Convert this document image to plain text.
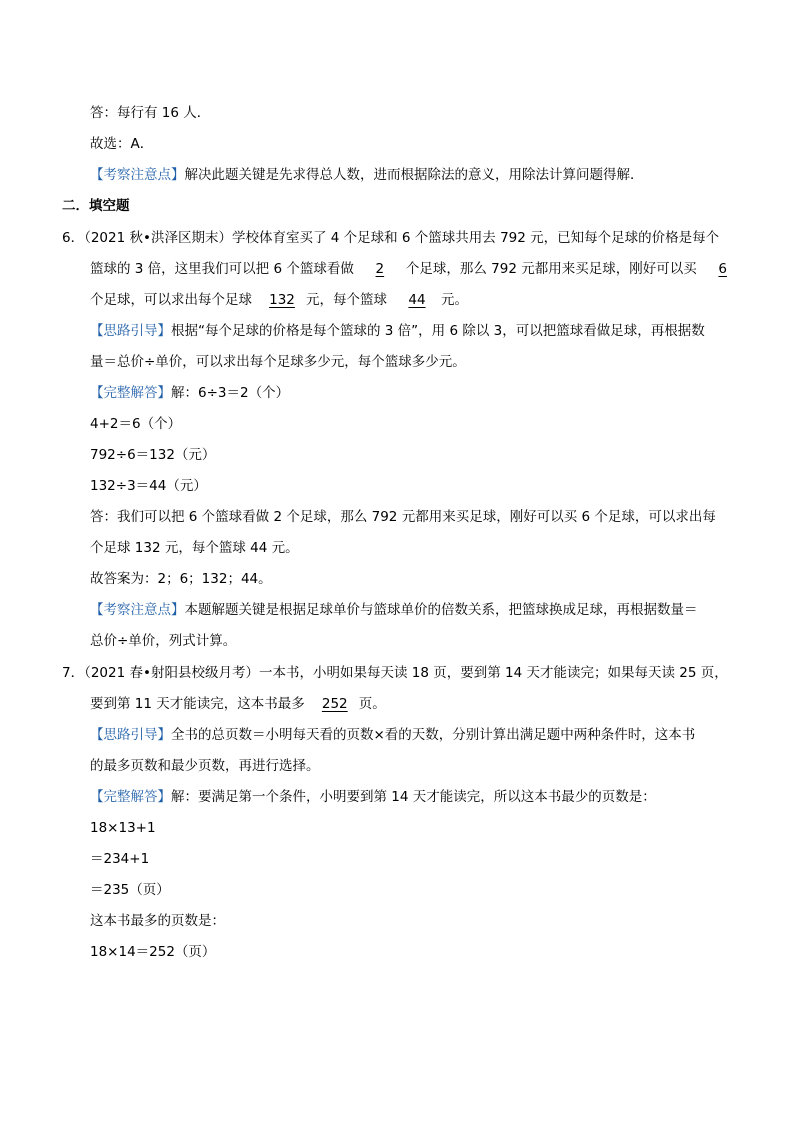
答：每行有 16 人．
故选：A．
【考察注意点】解决此题关键是先求得总人数，进而根据除法的意义，用除法计算问题得解．
二．填空题
6．（2021 秋•洪泽区期末）学校体育室买了 4 个足球和 6 个篮球共用去 792 元，已知每个足球的价格是每个
篮球的 3 倍，这里我们可以把 6 个篮球看做 2 个足球，那么 792 元都用来买足球，刚好可以买 6
个足球，可以求出每个足球 132 元，每个篮球 44 元。
【思路引导】根据“每个足球的价格是每个篮球的 3 倍”，用 6 除以 3，可以把篮球看做足球，再根据数
量＝总价÷单价，可以求出每个足球多少元，每个篮球多少元。
【完整解答】解：6÷3＝2（个）
4+2＝6（个）
792÷6＝132（元）
132÷3＝44（元）
答：我们可以把 6 个篮球看做 2 个足球，那么 792 元都用来买足球，刚好可以买 6 个足球，可以求出每
个足球 132 元，每个篮球 44 元。
故答案为：2；6；132；44。
【考察注意点】本题解题关键是根据足球单价与篮球单价的倍数关系，把篮球换成足球，再根据数量＝
总价÷单价，列式计算。
7．（2021 春•射阳县校级月考）一本书，小明如果每天读 18 页，要到第 14 天才能读完；如果每天读 25 页，
要到第 11 天才能读完，这本书最多 252 页。
【思路引导】全书的总页数＝小明每天看的页数×看的天数，分别计算出满足题中两种条件时，这本书
的最多页数和最少页数，再进行选择。
【完整解答】解：要满足第一个条件，小明要到第 14 天才能读完，所以这本书最少的页数是：
18×13+1
＝234+1
＝235（页）
这本书最多的页数是：
18×14＝252（页）
